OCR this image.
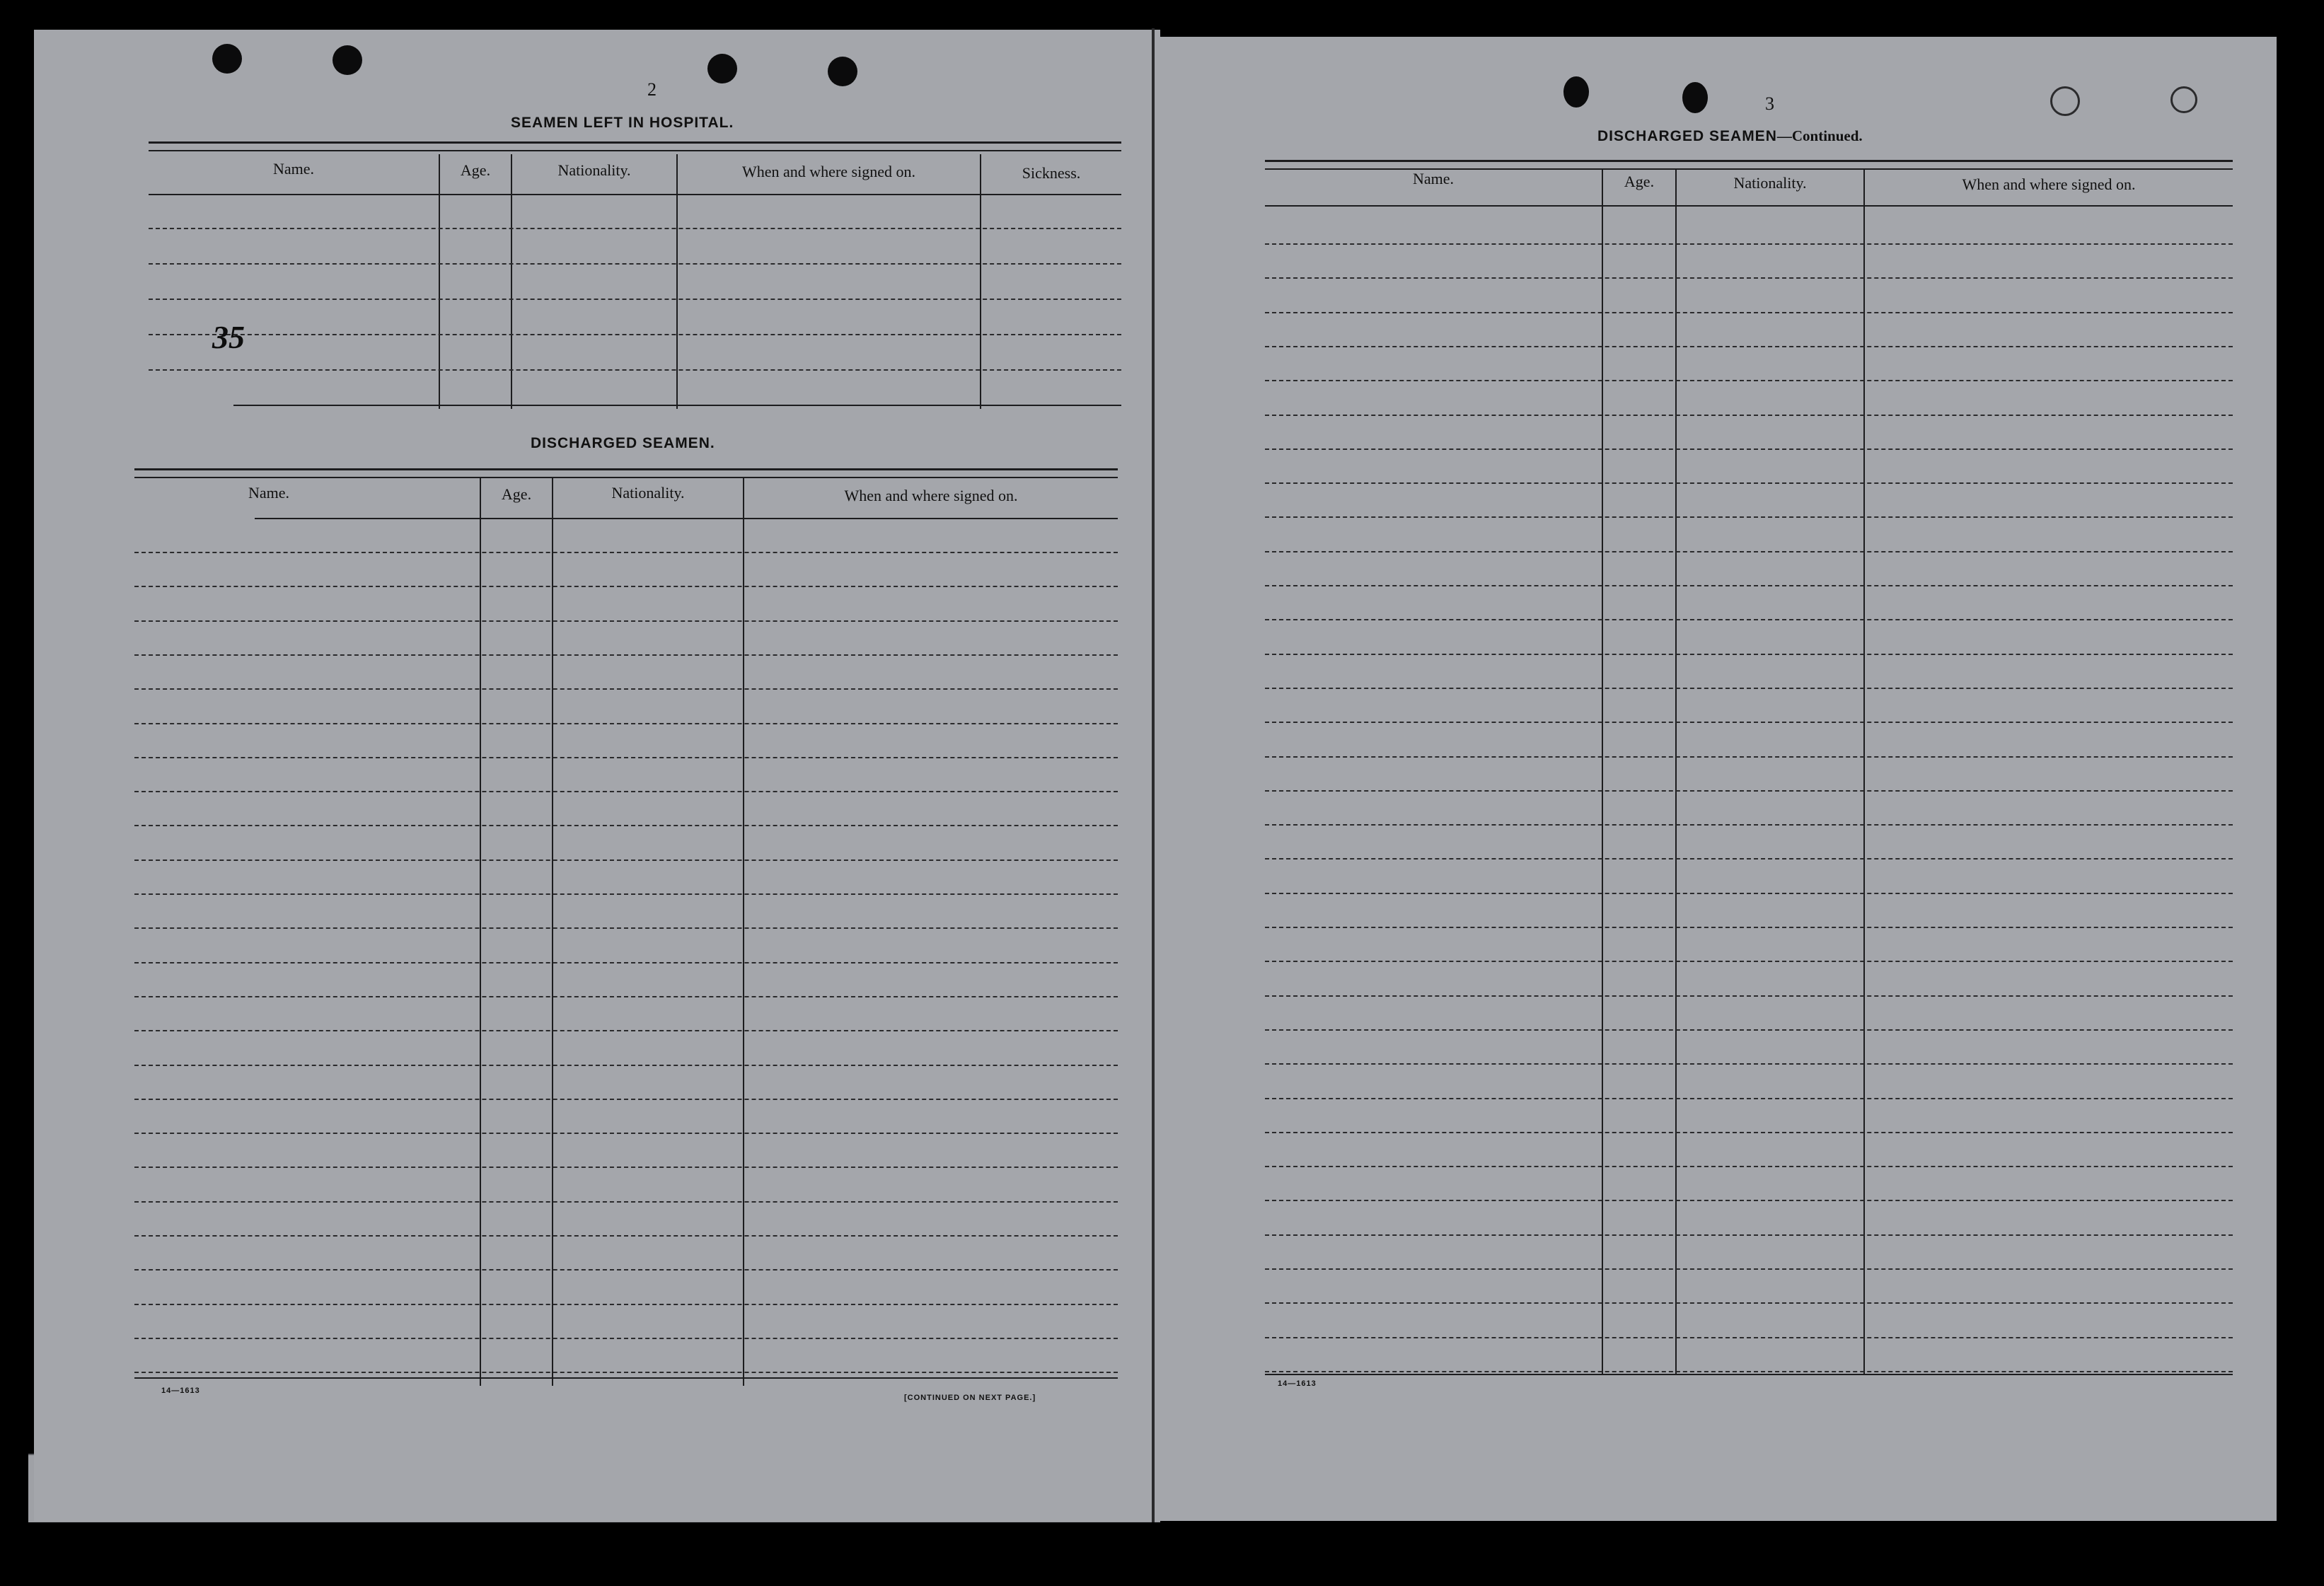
2
SEAMEN LEFT IN HOSPITAL.
Name.	Age.	Nationality.	When and where signed on.	Sickness.
35
DISCHARGED SEAMEN.
Name.	Age.	Nationality.	When and where signed on.
14—1613
[CONTINUED ON NEXT PAGE.]
3
DISCHARGED SEAMEN—Continued.
Name.	Age.	Nationality.	When and where signed on.
14—1613
